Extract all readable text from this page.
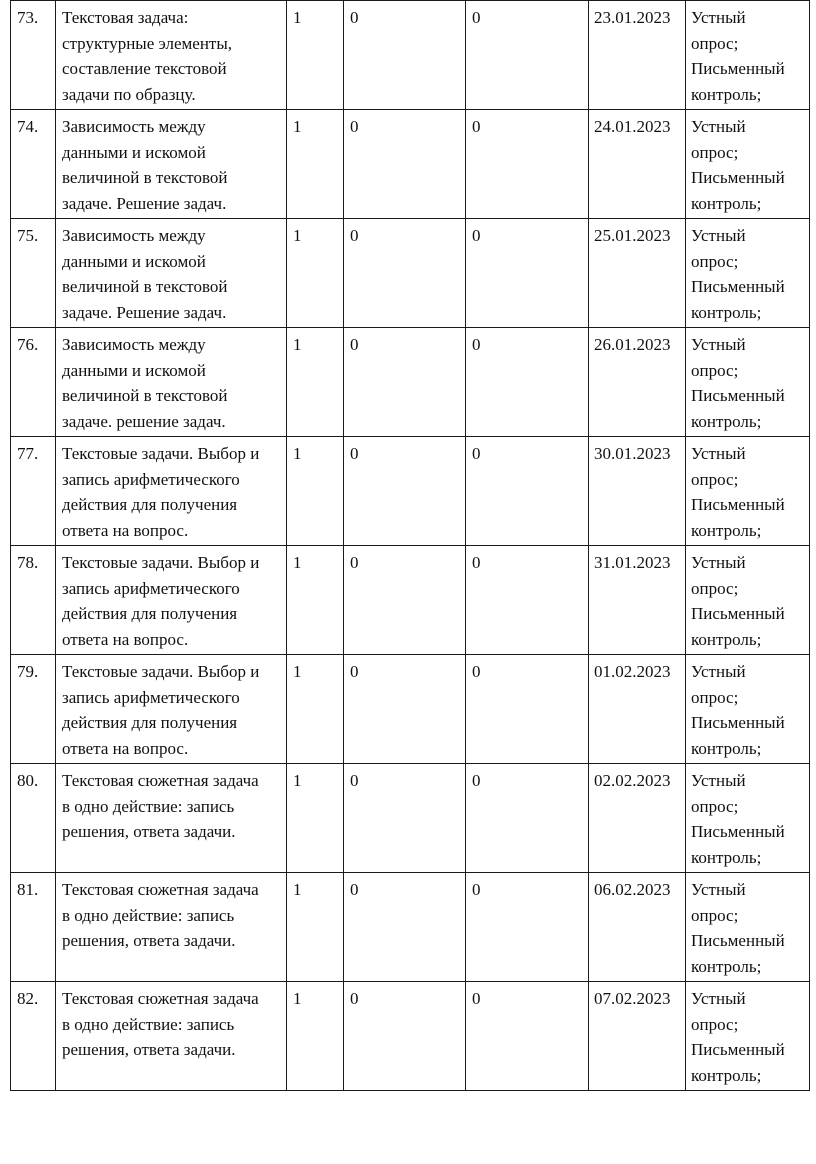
73.	Текстовая задача:
структурные элементы,
составление текстовой
задачи по образцу.	1	0	0	23.01.2023	Устный
опрос;
Письменный
контроль;

74.	Зависимость между
данными и искомой
величиной в текстовой
задаче. Решение задач.	1	0	0	24.01.2023	Устный
опрос;
Письменный
контроль;

75.	Зависимость между
данными и искомой
величиной в текстовой
задаче. Решение задач.	1	0	0	25.01.2023	Устный
опрос;
Письменный
контроль;

76.	Зависимость между
данными и искомой
величиной в текстовой
задаче. решение задач.	1	0	0	26.01.2023	Устный
опрос;
Письменный
контроль;

77.	Текстовые задачи. Выбор и
запись арифметического
действия для получения
ответа на вопрос.	1	0	0	30.01.2023	Устный
опрос;
Письменный
контроль;

78.	Текстовые задачи. Выбор и
запись арифметического
действия для получения
ответа на вопрос.	1	0	0	31.01.2023	Устный
опрос;
Письменный
контроль;

79.	Текстовые задачи. Выбор и
запись арифметического
действия для получения
ответа на вопрос.	1	0	0	01.02.2023	Устный
опрос;
Письменный
контроль;

80.	Текстовая сюжетная задача
в одно действие: запись
решения, ответа задачи.	1	0	0	02.02.2023	Устный
опрос;
Письменный
контроль;

81.	Текстовая сюжетная задача
в одно действие: запись
решения, ответа задачи.	1	0	0	06.02.2023	Устный
опрос;
Письменный
контроль;

82.	Текстовая сюжетная задача
в одно действие: запись
решения, ответа задачи.	1	0	0	07.02.2023	Устный
опрос;
Письменный
контроль;
